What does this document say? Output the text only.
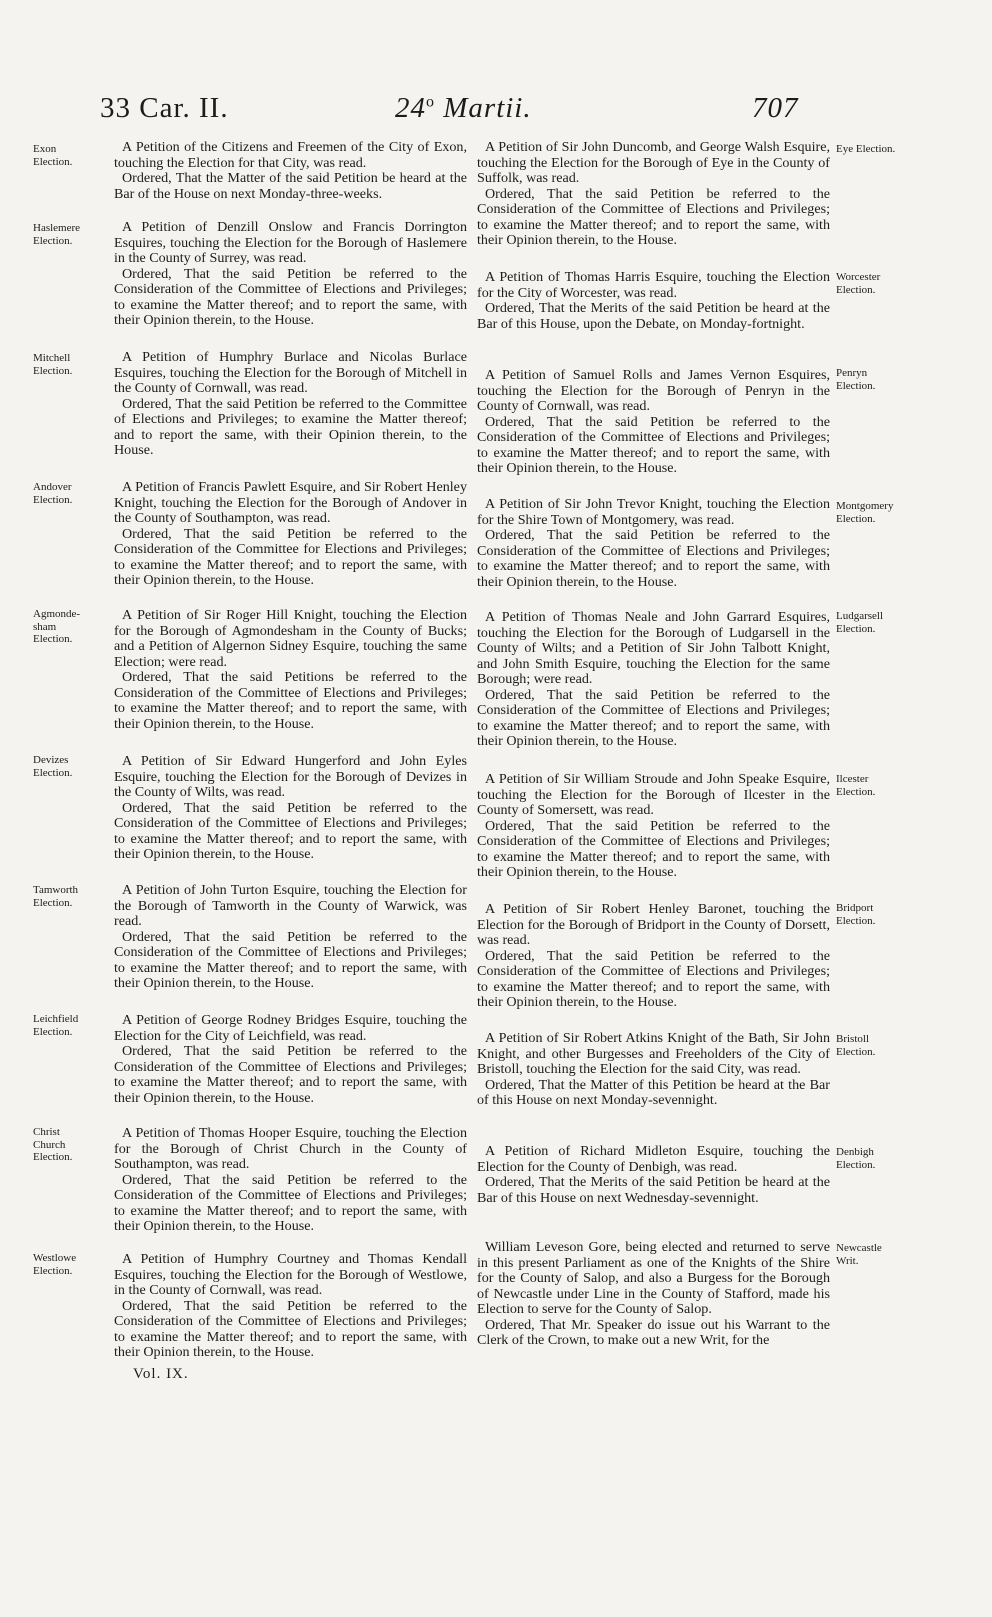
33 Car. II.	24$^o$ Martii.	707
Exon
Election.
Haslemere
Election.
Mitchell
Election.
Andover
Election.
Agmonde-
sham
Election.
Devizes
Election.
Tamworth
Election.
Leichfield
Election.
Christ
Church
Election.
Westlowe
Election.
Eye Election.
Worcester
Election.
Penryn
Election.
Montgomery
Election.
Ludgarsell
Election.
Ilcester
Election.
Bridport
Election.
Bristoll
Election.
Denbigh
Election.
Newcastle
Writ.

A Petition of the Citizens and Freemen of the City of Exon, touching the Election for that City, was read.

Ordered, That the Matter of the said Petition be heard at the Bar of the House on next Monday-three-weeks.

A Petition of Denzill Onslow and Francis Dorrington Esquires, touching the Election for the Borough of Haslemere in the County of Surrey, was read.

Ordered, That the said Petition be referred to the Consideration of the Committee of Elections and Privileges; to examine the Matter thereof; and to report the same, with their Opinion therein, to the House.

A Petition of Humphry Burlace and Nicolas Burlace Esquires, touching the Election for the Borough of Mitchell in the County of Cornwall, was read.

Ordered, That the said Petition be referred to the Committee of Elections and Privileges; to examine the Matter thereof; and to report the same, with their Opinion therein, to the House.

A Petition of Francis Pawlett Esquire, and Sir Robert Henley Knight, touching the Election for the Borough of Andover in the County of Southampton, was read.

Ordered, That the said Petition be referred to the Consideration of the Committee for Elections and Privileges; to examine the Matter thereof; and to report the same, with their Opinion therein, to the House.

A Petition of Sir Roger Hill Knight, touching the Election for the Borough of Agmondesham in the County of Bucks; and a Petition of Algernon Sidney Esquire, touching the same Election; were read.

Ordered, That the said Petitions be referred to the Consideration of the Committee of Elections and Privileges; to examine the Matter thereof; and to report the same, with their Opinion therein, to the House.

A Petition of Sir Edward Hungerford and John Eyles Esquire, touching the Election for the Borough of Devizes in the County of Wilts, was read.

Ordered, That the said Petition be referred to the Consideration of the Committee of Elections and Privileges; to examine the Matter thereof; and to report the same, with their Opinion therein, to the House.

A Petition of John Turton Esquire, touching the Election for the Borough of Tamworth in the County of Warwick, was read.

Ordered, That the said Petition be referred to the Consideration of the Committee of Elections and Privileges; to examine the Matter thereof; and to report the same, with their Opinion therein, to the House.

A Petition of George Rodney Bridges Esquire, touching the Election for the City of Leichfield, was read.

Ordered, That the said Petition be referred to the Consideration of the Committee of Elections and Privileges; to examine the Matter thereof; and to report the same, with their Opinion therein, to the House.

A Petition of Thomas Hooper Esquire, touching the Election for the Borough of Christ Church in the County of Southampton, was read.

Ordered, That the said Petition be referred to the Consideration of the Committee of Elections and Privileges; to examine the Matter thereof; and to report the same, with their Opinion therein, to the House.

A Petition of Humphry Courtney and Thomas Kendall Esquires, touching the Election for the Borough of Westlowe, in the County of Cornwall, was read.

Ordered, That the said Petition be referred to the Consideration of the Committee of Elections and Privileges; to examine the Matter thereof; and to report the same, with their Opinion therein, to the House.

A Petition of Sir John Duncomb, and George Walsh Esquire, touching the Election for the Borough of Eye in the County of Suffolk, was read.

Ordered, That the said Petition be referred to the Consideration of the Committee of Elections and Privileges; to examine the Matter thereof; and to report the same, with their Opinion therein, to the House.

A Petition of Thomas Harris Esquire, touching the Election for the City of Worcester, was read.

Ordered, That the Merits of the said Petition be heard at the Bar of this House, upon the Debate, on Monday-fortnight.

A Petition of Samuel Rolls and James Vernon Esquires, touching the Election for the Borough of Penryn in the County of Cornwall, was read.

Ordered, That the said Petition be referred to the Consideration of the Committee of Elections and Privileges; to examine the Matter thereof; and to report the same, with their Opinion therein, to the House.

A Petition of Sir John Trevor Knight, touching the Election for the Shire Town of Montgomery, was read.

Ordered, That the said Petition be referred to the Consideration of the Committee of Elections and Privileges; to examine the Matter thereof; and to report the same, with their Opinion therein, to the House.

A Petition of Thomas Neale and John Garrard Esquires, touching the Election for the Borough of Ludgarsell in the County of Wilts; and a Petition of Sir John Talbott Knight, and John Smith Esquire, touching the Election for the same Borough; were read.

Ordered, That the said Petition be referred to the Consideration of the Committee of Elections and Privileges; to examine the Matter thereof; and to report the same, with their Opinion therein, to the House.

A Petition of Sir William Stroude and John Speake Esquire, touching the Election for the Borough of Ilcester in the County of Somersett, was read.

Ordered, That the said Petition be referred to the Consideration of the Committee of Elections and Privileges; to examine the Matter thereof; and to report the same, with their Opinion therein, to the House.

A Petition of Sir Robert Henley Baronet, touching the Election for the Borough of Bridport in the County of Dorsett, was read.

Ordered, That the said Petition be referred to the Consideration of the Committee of Elections and Privileges; to examine the Matter thereof; and to report the same, with their Opinion therein, to the House.

A Petition of Sir Robert Atkins Knight of the Bath, Sir John Knight, and other Burgesses and Freeholders of the City of Bristoll, touching the Election for the said City, was read.

Ordered, That the Matter of this Petition be heard at the Bar of this House on next Monday-sevennight.

A Petition of Richard Midleton Esquire, touching the Election for the County of Denbigh, was read.

Ordered, That the Merits of the said Petition be heard at the Bar of this House on next Wednesday-sevennight.

William Leveson Gore, being elected and returned to serve in this present Parliament as one of the Knights of the Shire for the County of Salop, and also a Burgess for the Borough of Newcastle under Line in the County of Stafford, made his Election to serve for the County of Salop.

Ordered, That Mr. Speaker do issue out his Warrant to the Clerk of the Crown, to make out a new Writ, for the

Vol. IX.
